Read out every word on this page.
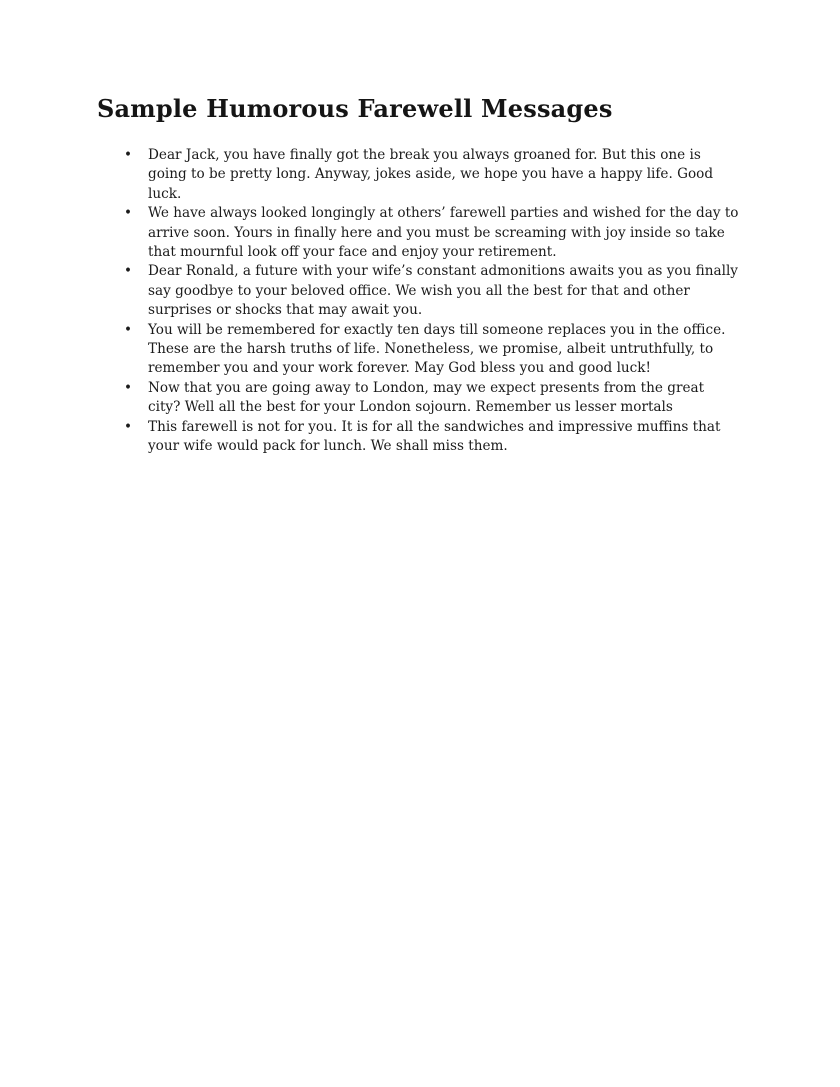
Sample Humorous Farewell Messages
• Dear Jack, you have finally got the break you always groaned for. But this one is going to be pretty long. Anyway, jokes aside, we hope you have a happy life. Good luck.
• We have always looked longingly at others’ farewell parties and wished for the day to arrive soon. Yours in finally here and you must be screaming with joy inside so take that mournful look off your face and enjoy your retirement.
• Dear Ronald, a future with your wife’s constant admonitions awaits you as you finally say goodbye to your beloved office. We wish you all the best for that and other surprises or shocks that may await you.
• You will be remembered for exactly ten days till someone replaces you in the office. These are the harsh truths of life. Nonetheless, we promise, albeit untruthfully, to remember you and your work forever. May God bless you and good luck!
• Now that you are going away to London, may we expect presents from the great city? Well all the best for your London sojourn. Remember us lesser mortals
• This farewell is not for you. It is for all the sandwiches and impressive muffins that your wife would pack for lunch. We shall miss them.
